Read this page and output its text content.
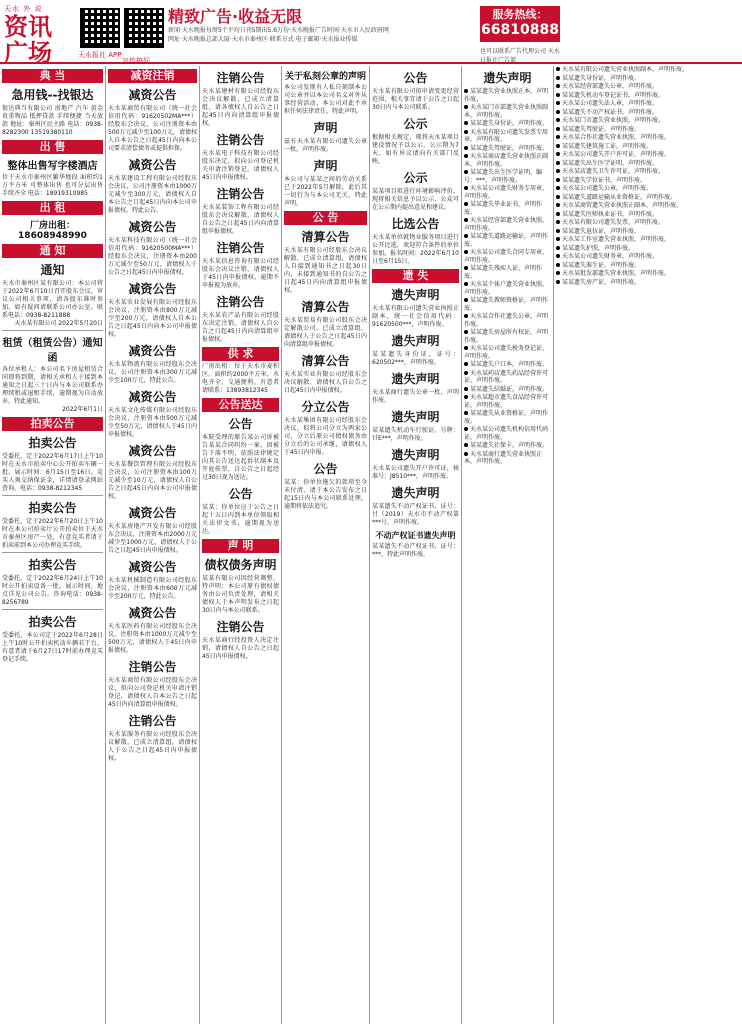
天水 外 说
资讯
广场	天水报社 APP
宣传搞好
精致广告·收益无限
新闻·天水晚报每周5个平均日刊5期出5.6万份·天水晚报广告时间·天水市人民政府网
网址·天水晚报总部大厦·天水市秦州区·联系方式·电子邮箱·天水报业传媒
服务热线：
66810888
也可以联系广告代理公司 天水日报社广告部
典 当
急用钱--找银达
银达典当有限公司 房地产 汽车 黄金 贵重物品 抵押贷款 手续便捷 当天放款 地址：秦州区民主路 电话：0938-8282300 13519380110
出 售
整体出售写字楼酒店
位于天水市秦州区繁华地段 面积约1万平方米 可整体出售 也可分层出售 手续齐全 电话：18919310985
出 租
厂房出租：18608948990
通 知
通知
天水市秦州区某有限公司：本公司将于2022年6月10日召开股东会议，审议公司相关事项，请各股东准时参加。如有疑问请联系公司办公室。联系电话：0938-8211888
天水某有限公司 2022年5月20日
租赁（租赁公告）通知函
各位承租人：本公司名下房屋租赁合同即将到期，请相关承租人于接到本通知之日起三十日内与本公司联系办理续租或退租手续，逾期视为自动放弃。特此通知。
2022年6月1日
拍卖公告
拍卖公告
受委托，定于2022年6月17日上午10时在天水市拍卖中心公开拍卖车辆一批。展示时间：6月15日至16日。竞买人须交纳保证金，详情请登录网站查询。电话：0938-8212345
拍卖公告
受委托，定于2022年6月20日上午10时在本公司拍卖厅公开拍卖位于天水市秦州区房产一处，有意竞买者请于拍卖前到本公司办理竞买手续。
拍卖公告
受委托，定于2022年6月24日上午10时公开拍卖设备一批，展示时间、地点详见公司公告。咨询电话：0938-8256789
拍卖公告
受委托，本公司定于2022年6月28日上午10时公开拍卖机动车辆若干台，有意者请于6月27日17时前办理竞买登记手续。
减资注销
减资公告
天水某商贸有限公司（统一社会信用代码：91620502MA***）经股东会决议，公司注册资本由500万元减少至100万元，请债权人自本公告之日起45日内向本公司要求清偿债务或提供担保。
减资公告
天水某建设工程有限公司经股东会决议，公司注册资本由1000万元减少至300万元，请债权人自本公告之日起45日内向本公司申报债权。特此公告。
减资公告
天水某科技有限公司（统一社会信用代码：91620500MA***）经股东会决议，注册资本由200万元减少至50万元，请债权人于公告之日起45日内申报债权。
减资公告
天水某农业发展有限公司经股东会决议，注册资本由800万元减少至200万元，请债权人自本公告之日起45日内向本公司申报债权。
减资公告
天水某物流有限公司经股东会决议，公司注册资本由300万元减少至100万元，特此公告。
减资公告
天水某文化传媒有限公司经股东会决议，注册资本由500万元减少至50万元，请债权人于45日内申报债权。
减资公告
天水某餐饮管理有限公司经股东会决议，公司注册资本由100万元减少至10万元，请债权人自公告之日起45日内向本公司申报债权。
减资公告
天水某房地产开发有限公司经股东会决议，注册资本由2000万元减少至1000万元，请债权人于公告之日起45日内申报债权。
减资公告
天水某机械制造有限公司经股东会决议，注册资本由600万元减少至200万元，特此公告。
减资公告
天水某医药有限公司经股东会决议，注册资本由1000万元减少至500万元，请债权人于45日内申报债权。
注销公告
天水某商贸有限公司经股东会决议，拟向公司登记机关申请注销登记，请债权人自本公告之日起45日内向清算组申报债权。
注销公告
天水某服务有限公司经股东会决议解散，已成立清算组，请债权人于公告之日起45日内申报债权。
注销公告
天水某建材有限公司经股东会决议解散，已成立清算组，请各债权人自公告之日起45日内向清算组申报债权。
注销公告
天水某电子科技有限公司经股东决定，拟向公司登记机关申请注销登记，请债权人45日内申报债权。
注销公告
天水某装饰工程有限公司经股东会决议解散，请债权人自公告之日起45日内向清算组申报债权。
注销公告
天水某信息咨询有限公司经股东会决议注销，请债权人于45日内申报债权，逾期不申报视为放弃。
注销公告
天水某农产品有限公司经股东决定注销，请债权人自公告之日起45日内向清算组申报债权。
供 求
厂房出租：位于天水市麦积区，面积约2000平方米，水电齐全，交通便利。有意者请联系：13893812345
公告送达
公告
本院受理的原告某公司诉被告某某合同纠纷一案，因被告下落不明，依照法律规定向其公告送达起诉状副本及开庭传票，自公告之日起经过30日视为送达。
公告
某某：你单位应于公告之日起十五日内到本单位领取相关法律文书，逾期视为送达。
声 明
债权债务声明
某某有限公司因经营调整，特声明：本公司原有债权债务由公司负责处理，请相关债权人于本声明发布之日起30日内与本公司联系。
注销公告
天水某商行经投资人决定注销，请债权人自公告之日起45日内申报债权。
关于私刻公章的声明
本公司发现有人私自刻制本公司公章并以本公司名义对外从事经营活动，本公司对此不承担任何法律责任，特此声明。
声明
兹有天水某有限公司遗失公章一枚，声明作废。
声明
本公司与某某之间的劳动关系已于2022年5月解除，此后其一切行为与本公司无关，特此声明。
公 告
清算公告
天水某有限公司经股东会决议解散，已成立清算组，请债权人自接到通知书之日起30日内，未接到通知书的自公告之日起45日内向清算组申报债权。
清算公告
天水某贸易有限公司股东会决定解散公司，已成立清算组，请债权人于公告之日起45日内向清算组申报债权。
清算公告
天水某实业有限公司经股东会决议解散，请债权人自公告之日起45日内申报债权。
分立公告
天水某集团有限公司经股东会决议，拟将公司分立为两家公司，分立后原公司债权债务由分立后的公司承继，请债权人于45日内申报。
公告
某某：你单位拖欠的款项至今未付清，请于本公告发布之日起15日内与本公司联系处理，逾期将依法追究。
公告
天水某有限公司拟申请变更经营范围，相关事宜请于公告之日起30日内与本公司联系。
公示
根据相关规定，现将天水某项目建设情况予以公示，公示期为7天，如有异议请向有关部门反映。
公示
某某项目拟进行环境影响评价，现将相关信息予以公示，公众可在公示期内提出意见和建议。
比选公告
天水某单位就物业服务项目进行公开比选，欢迎符合条件的单位参加。报名时间：2022年6月10日至6月15日。
遗 失
遗失声明
天水某有限公司遗失营业执照正副本，统一社会信用代码：91620500***，声明作废。
遗失声明
某某遗失身份证，证号：620502***，声明作废。
遗失声明
天水某商行遗失公章一枚，声明作废。
遗失声明
某某遗失机动车行驶证，号牌：甘E***，声明作废。
遗失声明
天水某公司遗失开户许可证，核准号：J8510***，声明作废。
遗失声明
某某遗失不动产权证书，证号：甘（2019）天水市不动产权第***号，声明作废。
不动产权证书遗失声明
某某遗失不动产权证书，证号：***，特此声明作废。
遗失声明

某某遗失营业执照正本，声明作废。

天水某门市部遗失营业执照副本，声明作废。

某某遗失身份证，声明作废。

天水某有限公司遗失发票专用章，声明作废。

某某遗失驾驶证，声明作废。

天水某商店遗失营业执照正副本，声明作废。

某某遗失出生医学证明，编号：***，声明作废。

天水某公司遗失财务专用章，声明作废。

某某遗失毕业证书，声明作废。

天水某经营部遗失营业执照，声明作废。

某某遗失道路运输证，声明作废。

天水某公司遗失合同专用章，声明作废。

某某遗失残疾人证，声明作废。

天水某个体户遗失营业执照，声明作废。

某某遗失教师资格证，声明作废。

天水某合作社遗失公章，声明作废。

某某遗失房屋所有权证，声明作废。

天水某公司遗失税务登记证，声明作废。

某某遗失户口本，声明作废。

天水某药店遗失药品经营许可证，声明作废。

某某遗失结婚证，声明作废。

天水某超市遗失食品经营许可证，声明作废。

某某遗失从业资格证，声明作废。

天水某公司遗失机构信用代码证，声明作废。

某某遗失社保卡，声明作废。

天水某商行遗失营业执照正本，声明作废。

天水某有限公司遗失营业执照副本，声明作废。

某某遗失身份证，声明作废。

天水某经营部遗失公章，声明作废。

某某遗失机动车登记证书，声明作废。

天水某公司遗失法人章，声明作废。

某某遗失不动产权证书，声明作废。

天水某门市遗失营业执照，声明作废。

某某遗失驾驶证，声明作废。

天水某合作社遗失营业执照，声明作废。

某某遗失建筑施工证，声明作废。

天水某公司遗失开户许可证，声明作废。

某某遗失出生医学证明，声明作废。

天水某店遗失卫生许可证，声明作废。

某某遗失学位证书，声明作废。

天水某公司遗失公章，声明作废。

某某遗失道路运输从业资格证，声明作废。

天水某商贸遗失营业执照正副本，声明作废。

某某遗失医师执业证书，声明作废。

天水某有限公司遗失发票，声明作废。

某某遗失退伍证，声明作废。

天水某工作室遗失营业执照，声明作废。

某某遗失护照，声明作废。

天水某公司遗失财务章，声明作废。

某某遗失准生证，声明作废。

天水某批发部遗失营业执照，声明作废。

某某遗失房产证，声明作废。
